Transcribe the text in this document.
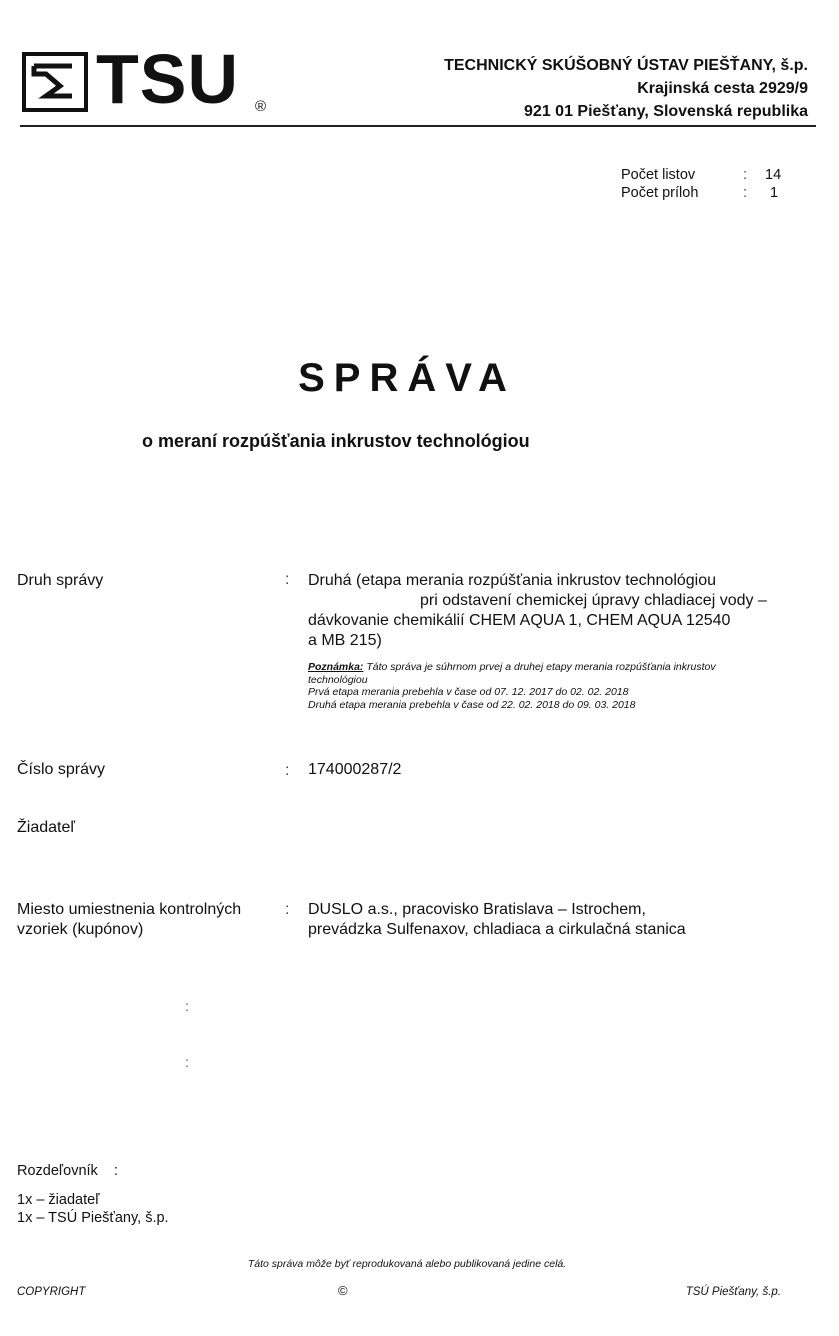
TSU ®
TECHNICKÝ SKÚŠOBNÝ ÚSTAV PIEŠŤANY, š.p.
Krajinská cesta 2929/9
921 01 Piešťany, Slovenská republika
Počet listov	:	14
Počet príloh	:	1
SPRÁVA
o meraní rozpúšťania inkrustov technológiou
Druh správy	: Druhá (etapa merania rozpúšťania inkrustov technológiou
pri odstavení chemickej úpravy chladiacej vody –
dávkovanie chemikálií CHEM AQUA 1, CHEM AQUA 12540
a MB 215)
Poznámka: Táto správa je súhrnom prvej a druhej etapy merania rozpúšťania inkrustov
technológiou
Prvá etapa merania prebehla v čase od 07. 12. 2017 do 02. 02. 2018
Druhá etapa merania prebehla v čase od 22. 02. 2018 do 09. 03. 2018
Číslo správy	: 174000287/2
Žiadateľ
Miesto umiestnenia kontrolných
vzoriek (kupónov)
: DUSLO a.s., pracovisko Bratislava – Istrochem,
prevádzka Sulfenaxov, chladiaca a cirkulačná stanica
:
:
Rozdeľovník :
1x – žiadateľ
1x – TSÚ Piešťany, š.p.
Táto správa môže byť reprodukovaná alebo publikovaná jedine celá.
COPYRIGHT	©	TSÚ Piešťany, š.p.
